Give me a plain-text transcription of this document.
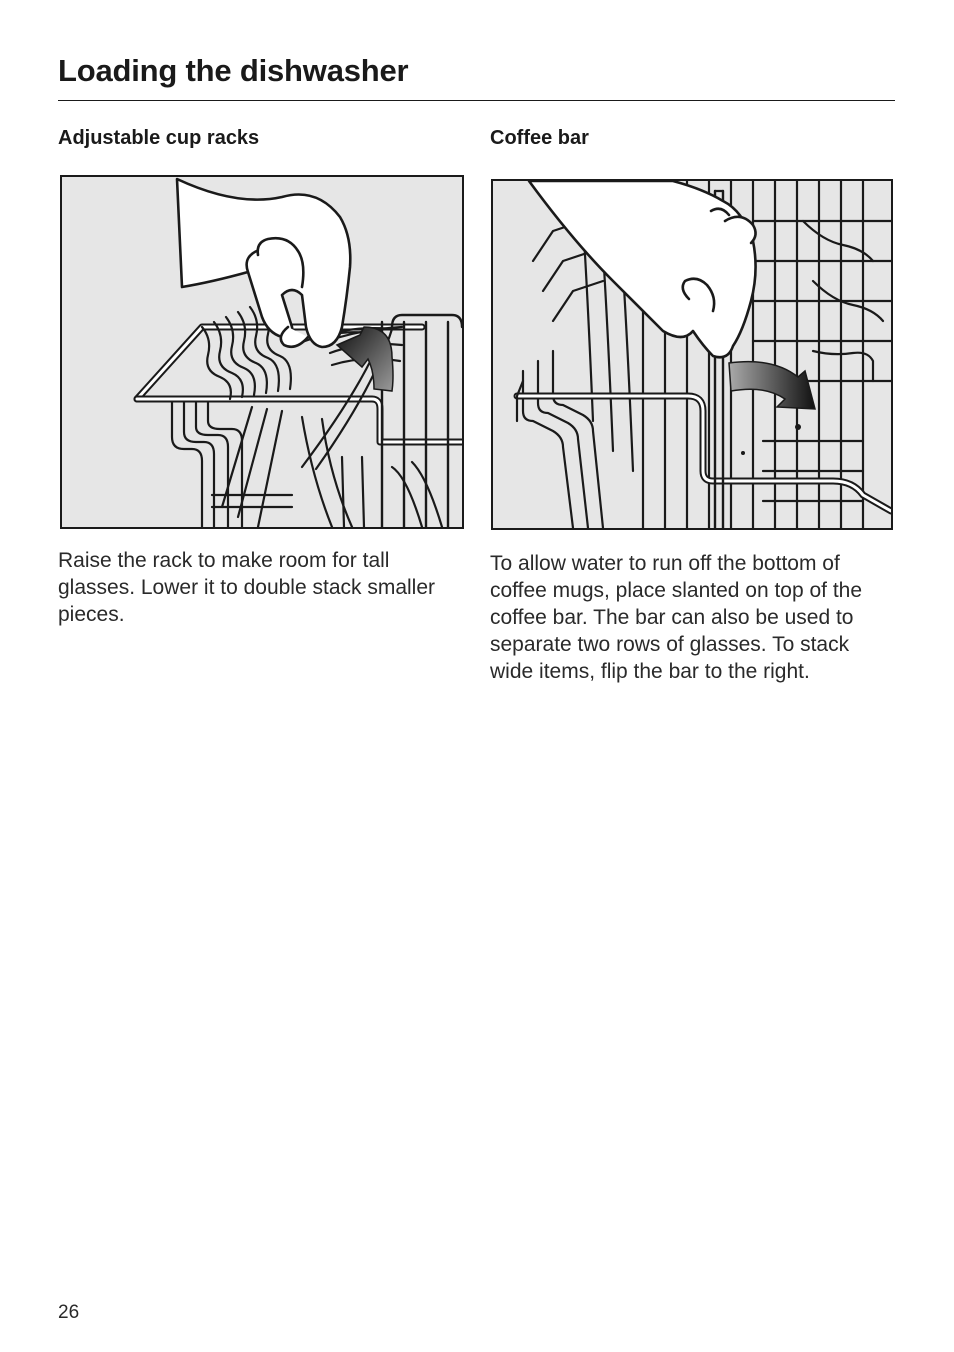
Loading the dishwasher
Adjustable cup racks

Raise the rack to make room for tall glasses. Lower it to double stack smaller pieces.

Coffee bar

To allow water to run off the bottom of coffee mugs, place slanted on top of the coffee bar. The bar can also be used to separate two rows of glasses. To stack wide items, flip the bar to the right.

26
